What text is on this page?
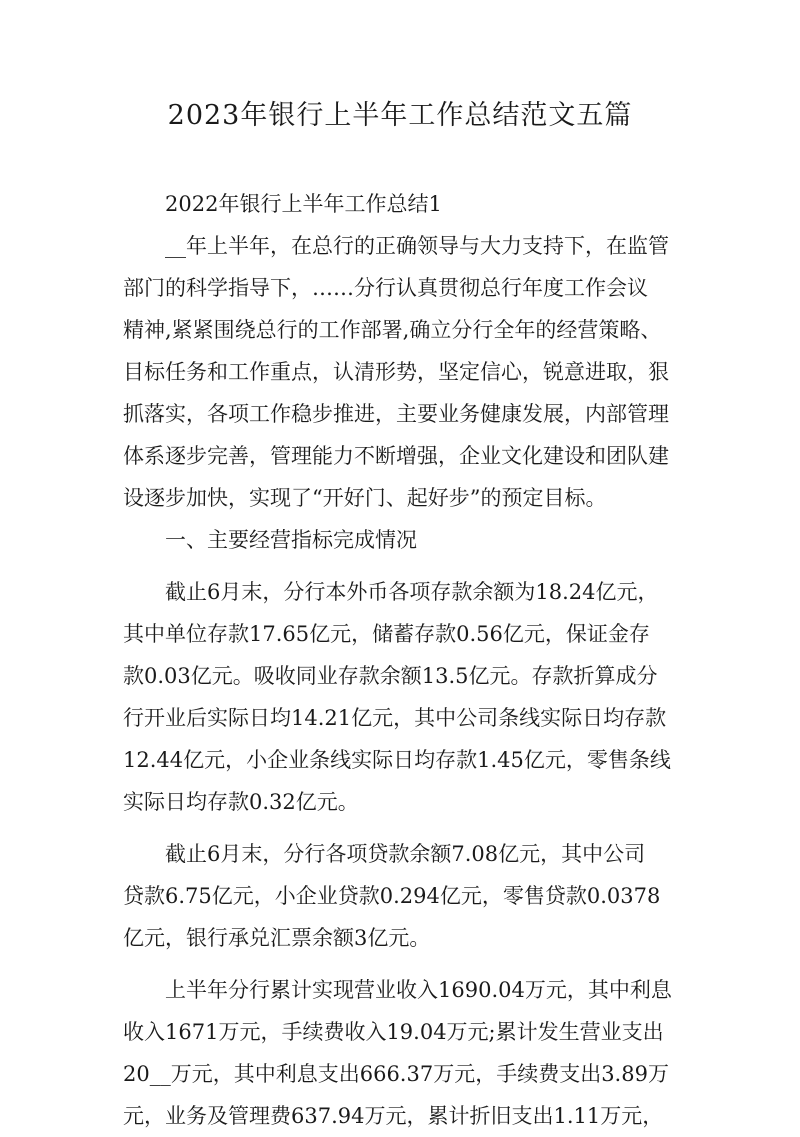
2023年银行上半年工作总结范文五篇
　　2022年银行上半年工作总结1
　　__年上半年，在总行的正确领导与大力支持下，在监管
部门的科学指导下，……分行认真贯彻总行年度工作会议
精神,紧紧围绕总行的工作部署,确立分行全年的经营策略、
目标任务和工作重点，认清形势，坚定信心，锐意进取，狠
抓落实，各项工作稳步推进，主要业务健康发展，内部管理
体系逐步完善，管理能力不断增强，企业文化建设和团队建
设逐步加快，实现了“开好门、起好步”的预定目标。
　　一、主要经营指标完成情况
　　截止6月末，分行本外币各项存款余额为18.24亿元，
其中单位存款17.65亿元，储蓄存款0.56亿元，保证金存
款0.03亿元。吸收同业存款余额13.5亿元。存款折算成分
行开业后实际日均14.21亿元，其中公司条线实际日均存款
12.44亿元，小企业条线实际日均存款1.45亿元，零售条线
实际日均存款0.32亿元。
　　截止6月末，分行各项贷款余额7.08亿元，其中公司
贷款6.75亿元，小企业贷款0.294亿元，零售贷款0.0378
亿元，银行承兑汇票余额3亿元。
　　上半年分行累计实现营业收入1690.04万元，其中利息
收入1671万元，手续费收入19.04万元;累计发生营业支出
20__万元，其中利息支出666.37万元，手续费支出3.89万
元，业务及管理费637.94万元，累计折旧支出1.11万元，
